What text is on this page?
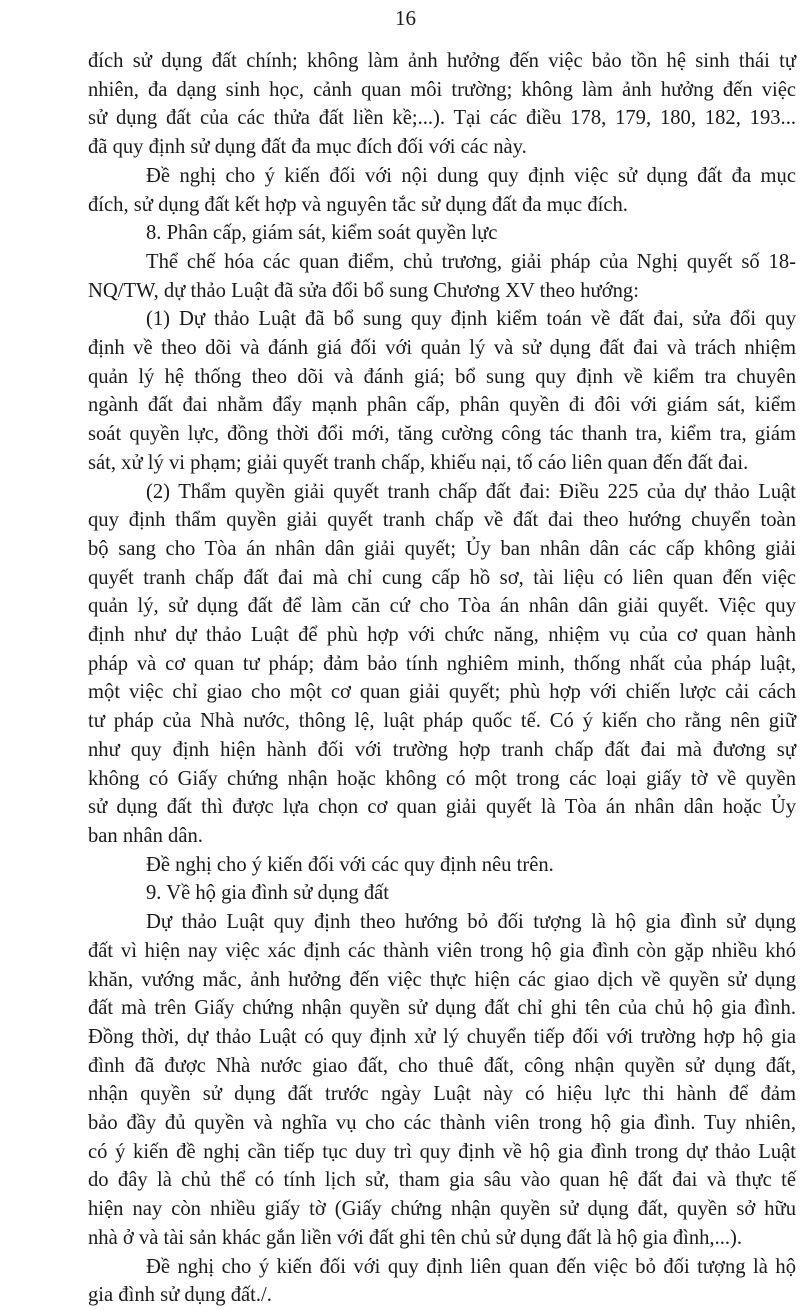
16
đích sử dụng đất chính; không làm ảnh hưởng đến việc bảo tồn hệ sinh thái tự
nhiên, đa dạng sinh học, cảnh quan môi trường; không làm ảnh hưởng đến việc
sử dụng đất của các thửa đất liền kề;...). Tại các điều 178, 179, 180, 182, 193...
đã quy định sử dụng đất đa mục đích đối với các này.
Đề nghị cho ý kiến đối với nội dung quy định việc sử dụng đất đa mục
đích, sử dụng đất kết hợp và nguyên tắc sử dụng đất đa mục đích.
8. Phân cấp, giám sát, kiểm soát quyền lực
Thể chế hóa các quan điểm, chủ trương, giải pháp của Nghị quyết số 18-
NQ/TW, dự thảo Luật đã sửa đổi bổ sung Chương XV theo hướng:
(1) Dự thảo Luật đã bổ sung quy định kiểm toán về đất đai, sửa đổi quy
định về theo dõi và đánh giá đối với quản lý và sử dụng đất đai và trách nhiệm
quản lý hệ thống theo dõi và đánh giá; bổ sung quy định về kiểm tra chuyên
ngành đất đai nhằm đẩy mạnh phân cấp, phân quyền đi đôi với giám sát, kiểm
soát quyền lực, đồng thời đổi mới, tăng cường công tác thanh tra, kiểm tra, giám
sát, xử lý vi phạm; giải quyết tranh chấp, khiếu nại, tố cáo liên quan đến đất đai.
(2) Thẩm quyền giải quyết tranh chấp đất đai: Điều 225 của dự thảo Luật
quy định thẩm quyền giải quyết tranh chấp về đất đai theo hướng chuyển toàn
bộ sang cho Tòa án nhân dân giải quyết; Ủy ban nhân dân các cấp không giải
quyết tranh chấp đất đai mà chỉ cung cấp hồ sơ, tài liệu có liên quan đến việc
quản lý, sử dụng đất để làm căn cứ cho Tòa án nhân dân giải quyết. Việc quy
định như dự thảo Luật để phù hợp với chức năng, nhiệm vụ của cơ quan hành
pháp và cơ quan tư pháp; đảm bảo tính nghiêm minh, thống nhất của pháp luật,
một việc chỉ giao cho một cơ quan giải quyết; phù hợp với chiến lược cải cách
tư pháp của Nhà nước, thông lệ, luật pháp quốc tế. Có ý kiến cho rằng nên giữ
như quy định hiện hành đối với trường hợp tranh chấp đất đai mà đương sự
không có Giấy chứng nhận hoặc không có một trong các loại giấy tờ về quyền
sử dụng đất thì được lựa chọn cơ quan giải quyết là Tòa án nhân dân hoặc Ủy
ban nhân dân.
Đề nghị cho ý kiến đối với các quy định nêu trên.
9. Về hộ gia đình sử dụng đất
Dự thảo Luật quy định theo hướng bỏ đối tượng là hộ gia đình sử dụng
đất vì hiện nay việc xác định các thành viên trong hộ gia đình còn gặp nhiều khó
khăn, vướng mắc, ảnh hưởng đến việc thực hiện các giao dịch về quyền sử dụng
đất mà trên Giấy chứng nhận quyền sử dụng đất chỉ ghi tên của chủ hộ gia đình.
Đồng thời, dự thảo Luật có quy định xử lý chuyển tiếp đối với trường hợp hộ gia
đình đã được Nhà nước giao đất, cho thuê đất, công nhận quyền sử dụng đất,
nhận quyền sử dụng đất trước ngày Luật này có hiệu lực thi hành để đảm
bảo đầy đủ quyền và nghĩa vụ cho các thành viên trong hộ gia đình. Tuy nhiên,
có ý kiến đề nghị cần tiếp tục duy trì quy định về hộ gia đình trong dự thảo Luật
do đây là chủ thể có tính lịch sử, tham gia sâu vào quan hệ đất đai và thực tế
hiện nay còn nhiều giấy tờ (Giấy chứng nhận quyền sử dụng đất, quyền sở hữu
nhà ở và tài sản khác gắn liền với đất ghi tên chủ sử dụng đất là hộ gia đình,...).
Đề nghị cho ý kiến đối với quy định liên quan đến việc bỏ đối tượng là hộ
gia đình sử dụng đất./.
